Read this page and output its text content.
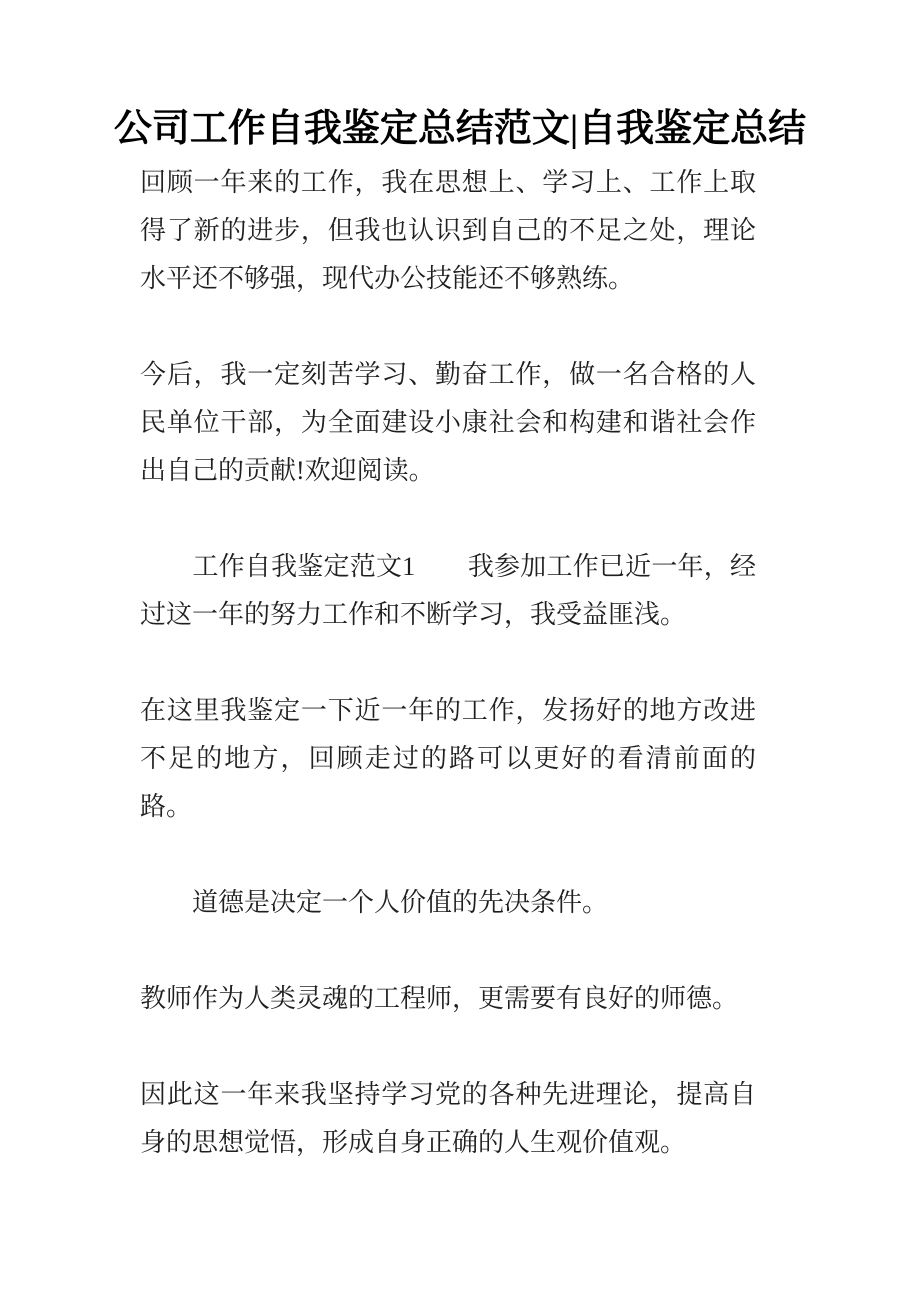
公司工作自我鉴定总结范文|自我鉴定总结

回顾一年来的工作，我在思想上、学习上、工作上取得了新的进步，但我也认识到自己的不足之处，理论水平还不够强，现代办公技能还不够熟练。

今后，我一定刻苦学习、勤奋工作，做一名合格的人民单位干部，为全面建设小康社会和构建和谐社会作出自己的贡献!欢迎阅读。

　　工作自我鉴定范文1　　我参加工作已近一年，经过这一年的努力工作和不断学习，我受益匪浅。

在这里我鉴定一下近一年的工作，发扬好的地方改进不足的地方，回顾走过的路可以更好的看清前面的路。

　　道德是决定一个人价值的先决条件。

教师作为人类灵魂的工程师，更需要有良好的师德。

因此这一年来我坚持学习党的各种先进理论，提高自身的思想觉悟，形成自身正确的人生观价值观。
